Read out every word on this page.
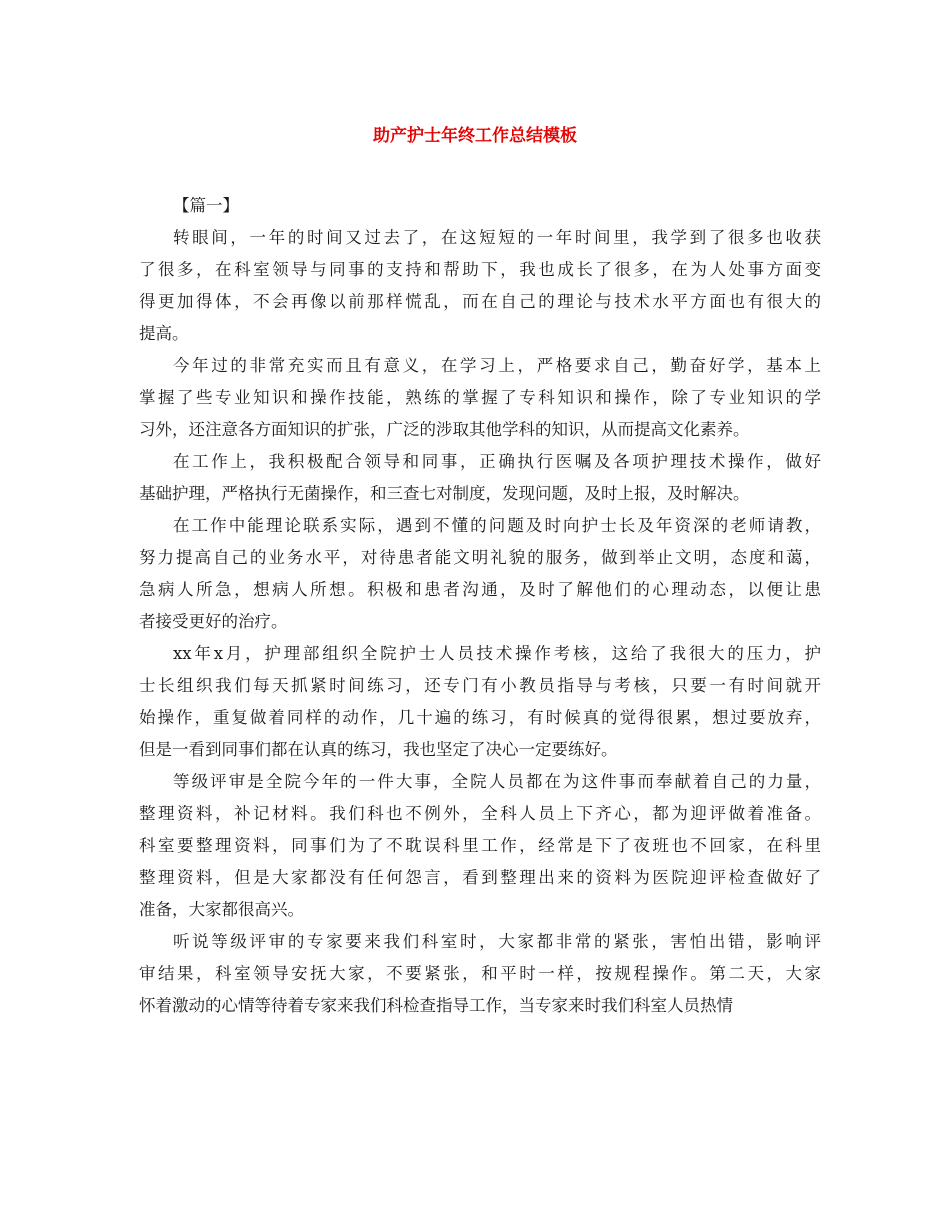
助产护士年终工作总结模板

【篇一】

转眼间，一年的时间又过去了，在这短短的一年时间里，我学到了很多也收获
了很多，在科室领导与同事的支持和帮助下，我也成长了很多，在为人处事方面变
得更加得体，不会再像以前那样慌乱，而在自己的理论与技术水平方面也有很大的
提高。

今年过的非常充实而且有意义，在学习上，严格要求自己，勤奋好学，基本上
掌握了些专业知识和操作技能，熟练的掌握了专科知识和操作，除了专业知识的学
习外，还注意各方面知识的扩张，广泛的涉取其他学科的知识，从而提高文化素养。

在工作上，我积极配合领导和同事，正确执行医嘱及各项护理技术操作，做好
基础护理，严格执行无菌操作，和三查七对制度，发现问题，及时上报，及时解决。

在工作中能理论联系实际，遇到不懂的问题及时向护士长及年资深的老师请教，
努力提高自己的业务水平，对待患者能文明礼貌的服务，做到举止文明，态度和蔼，
急病人所急，想病人所想。积极和患者沟通，及时了解他们的心理动态，以便让患
者接受更好的治疗。

xx年x月，护理部组织全院护士人员技术操作考核，这给了我很大的压力，护
士长组织我们每天抓紧时间练习，还专门有小教员指导与考核，只要一有时间就开
始操作，重复做着同样的动作，几十遍的练习，有时候真的觉得很累，想过要放弃，
但是一看到同事们都在认真的练习，我也坚定了决心一定要练好。

等级评审是全院今年的一件大事，全院人员都在为这件事而奉献着自己的力量，
整理资料，补记材料。我们科也不例外，全科人员上下齐心，都为迎评做着准备。
科室要整理资料，同事们为了不耽误科里工作，经常是下了夜班也不回家，在科里
整理资料，但是大家都没有任何怨言，看到整理出来的资料为医院迎评检查做好了
准备，大家都很高兴。

听说等级评审的专家要来我们科室时，大家都非常的紧张，害怕出错，影响评
审结果，科室领导安抚大家，不要紧张，和平时一样，按规程操作。第二天，大家
怀着激动的心情等待着专家来我们科检查指导工作，当专家来时我们科室人员热情
